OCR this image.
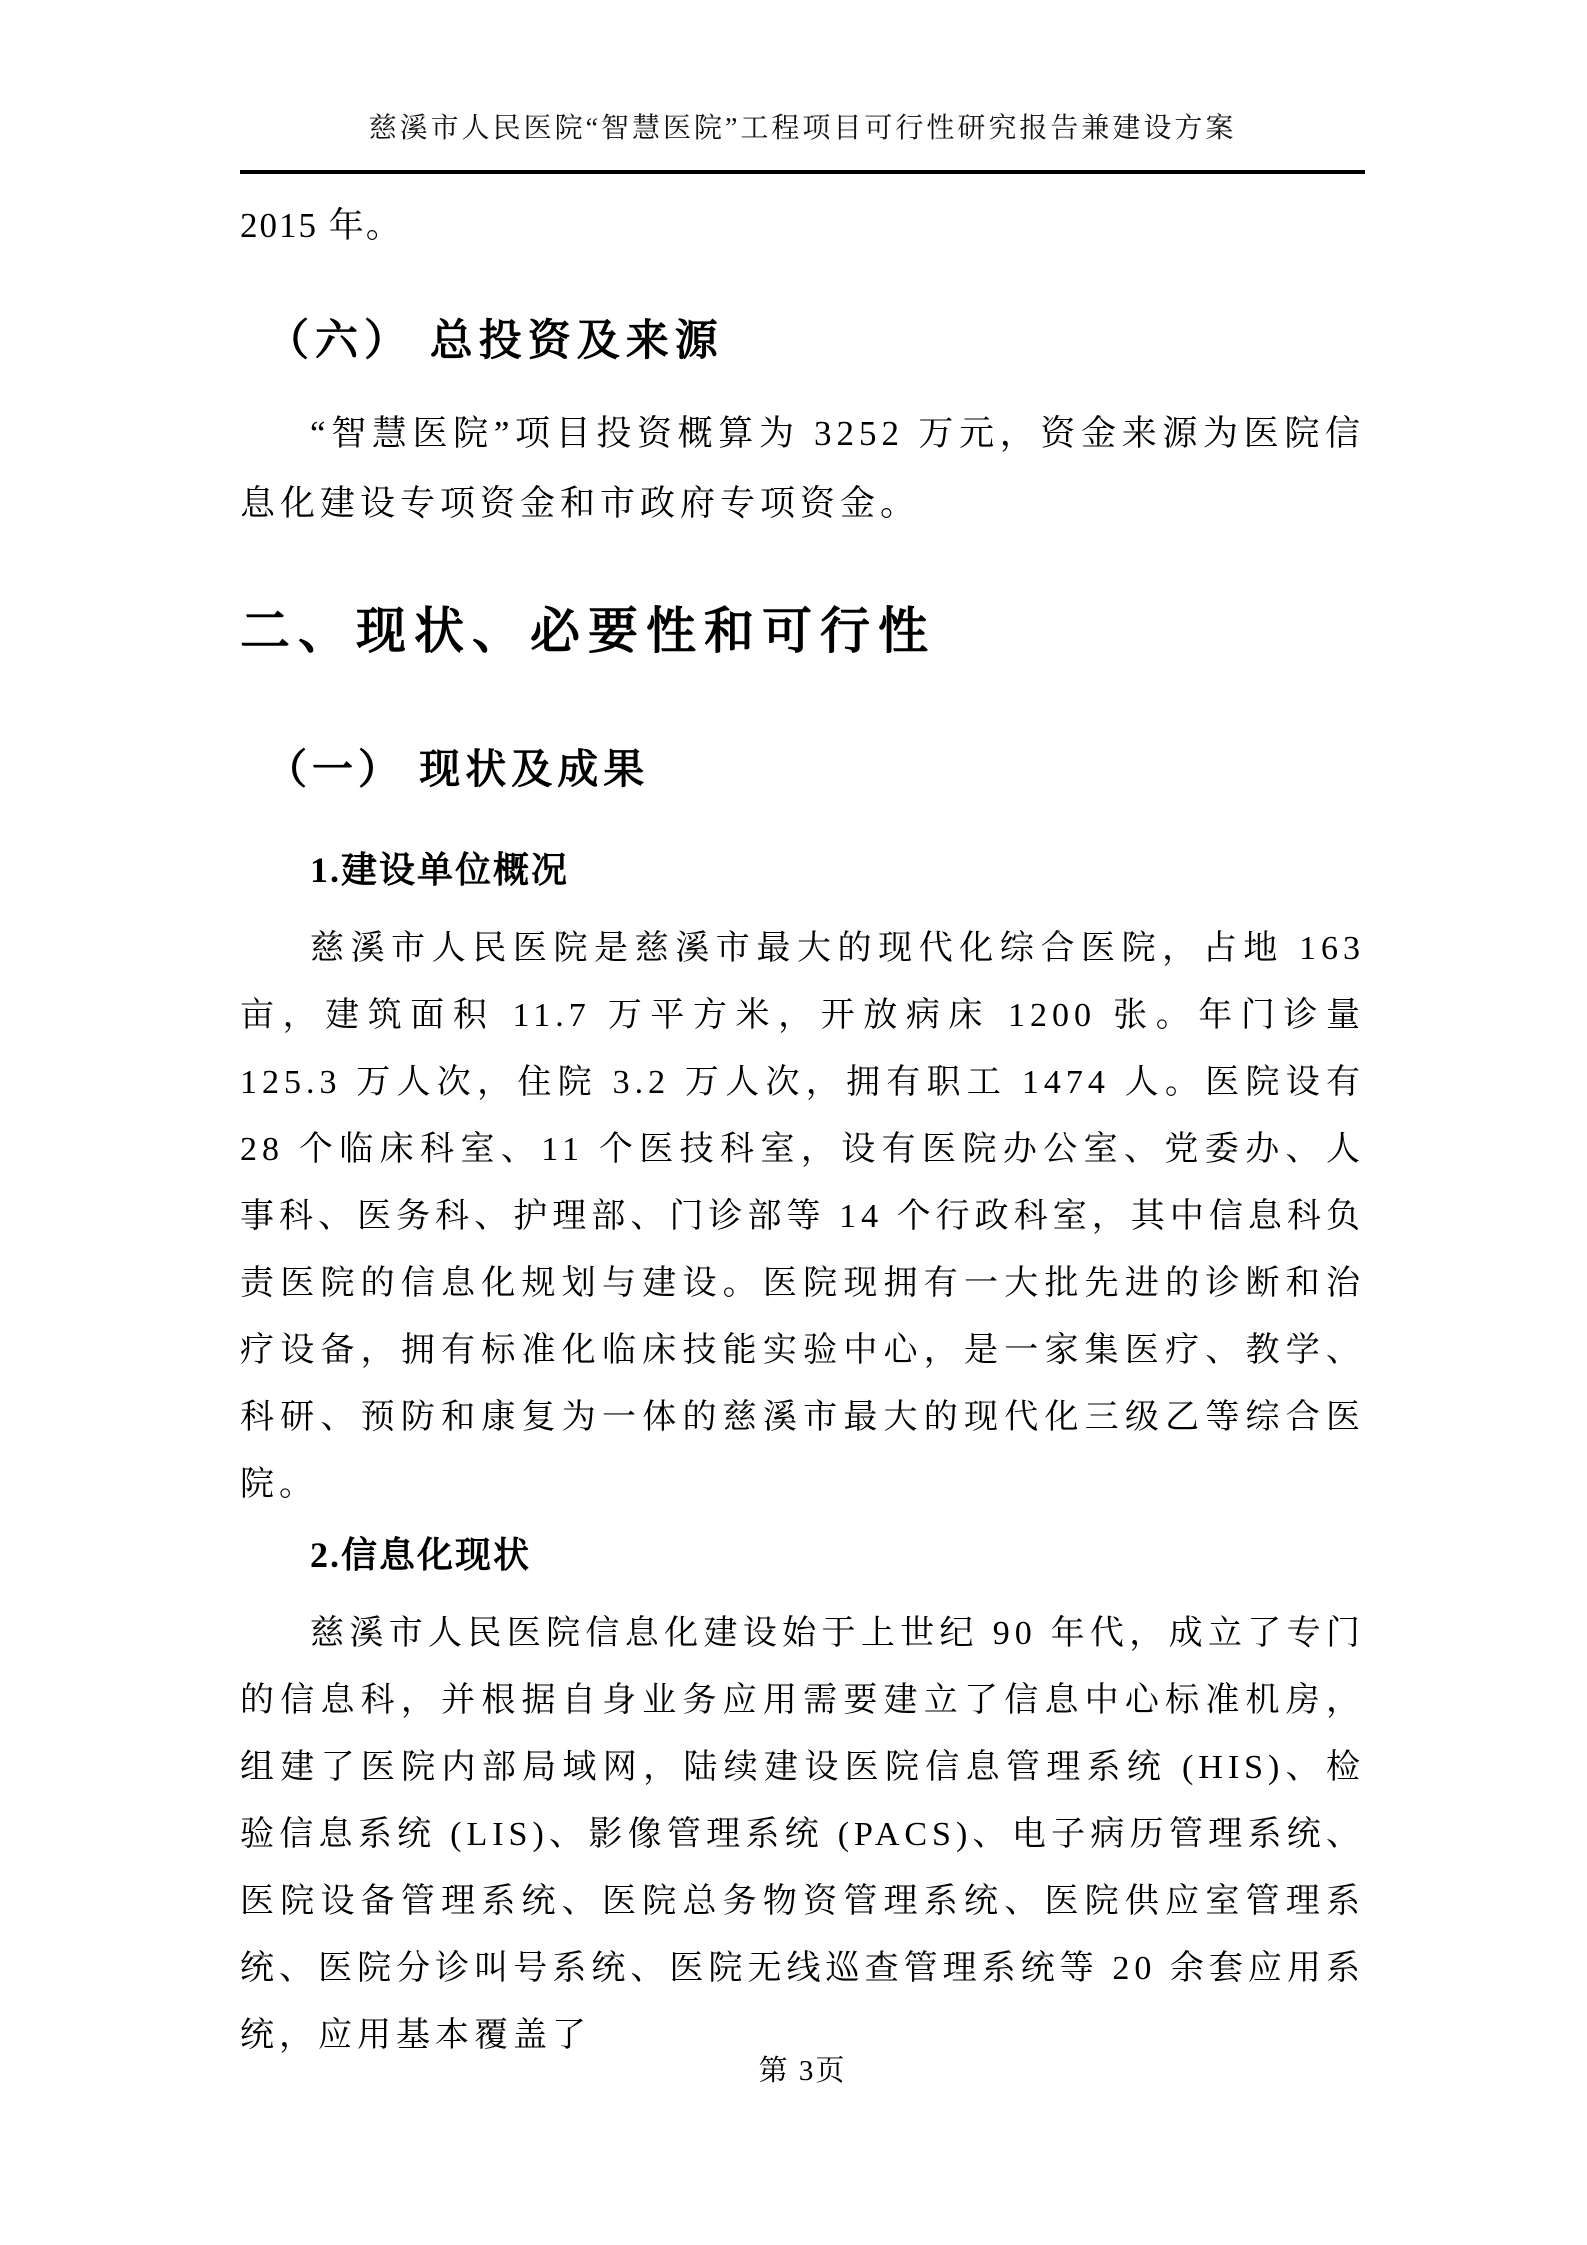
慈溪市人民医院“智慧医院”工程项目可行性研究报告兼建设方案

2015 年。

（六） 总投资及来源

“智慧医院”项目投资概算为 3252 万元，资金来源为医院信息化建设专项资金和市政府专项资金。

二、现状、必要性和可行性
（一） 现状及成果
1.建设单位概况

慈溪市人民医院是慈溪市最大的现代化综合医院，占地 163 亩，建筑面积 11.7 万平方米，开放病床 1200 张。年门诊量 125.3 万人次，住院 3.2 万人次，拥有职工 1474 人。医院设有 28 个临床科室、11 个医技科室，设有医院办公室、党委办、人事科、医务科、护理部、门诊部等 14 个行政科室，其中信息科负责医院的信息化规划与建设。医院现拥有一大批先进的诊断和治疗设备，拥有标准化临床技能实验中心，是一家集医疗、教学、科研、预防和康复为一体的慈溪市最大的现代化三级乙等综合医院。

2.信息化现状

慈溪市人民医院信息化建设始于上世纪 90 年代，成立了专门的信息科，并根据自身业务应用需要建立了信息中心标准机房，组建了医院内部局域网，陆续建设医院信息管理系统 (HIS)、检验信息系统 (LIS)、影像管理系统 (PACS)、电子病历管理系统、医院设备管理系统、医院总务物资管理系统、医院供应室管理系统、医院分诊叫号系统、医院无线巡查管理系统等 20 余套应用系统，应用基本覆盖了

第 3页
